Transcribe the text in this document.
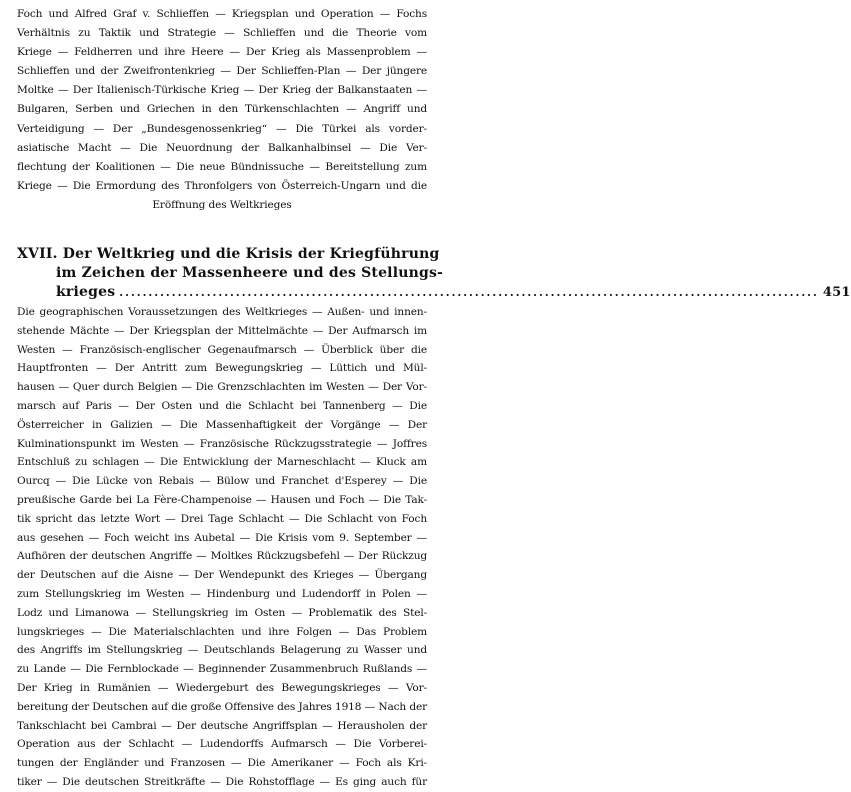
Foch und Alfred Graf v. Schlieffen — Kriegsplan und Operation — Fochs
Verhältnis zu Taktik und Strategie — Schlieffen und die Theorie vom
Kriege — Feldherren und ihre Heere — Der Krieg als Massenproblem —
Schlieffen und der Zweifrontenkrieg — Der Schlieffen-Plan — Der jüngere
Moltke — Der Italienisch-Türkische Krieg — Der Krieg der Balkanstaaten —
Bulgaren, Serben und Griechen in den Türkenschlachten — Angriff und
Verteidigung — Der „Bundesgenossenkrieg“ — Die Türkei als vorder-
asiatische Macht — Die Neuordnung der Balkanhalbinsel — Die Ver-
flechtung der Koalitionen — Die neue Bündnissuche — Bereitstellung zum
Kriege — Die Ermordung des Thronfolgers von Österreich-Ungarn und die
Eröffnung des Weltkrieges
XVII. Der Weltkrieg und die Krisis der Kriegführung
im Zeichen der Massenheere und des Stellungs-
krieges ........................................................................................................................ 451
Die geographischen Voraussetzungen des Weltkrieges — Außen- und innen-
stehende Mächte — Der Kriegsplan der Mittelmächte — Der Aufmarsch im
Westen — Französisch-englischer Gegenaufmarsch — Überblick über die
Hauptfronten — Der Antritt zum Bewegungskrieg — Lüttich und Mül-
hausen — Quer durch Belgien — Die Grenzschlachten im Westen — Der Vor-
marsch auf Paris — Der Osten und die Schlacht bei Tannenberg — Die
Österreicher in Galizien — Die Massenhaftigkeit der Vorgänge — Der
Kulminationspunkt im Westen — Französische Rückzugsstrategie — Joffres
Entschluß zu schlagen — Die Entwicklung der Marneschlacht — Kluck am
Ourcq — Die Lücke von Rebais — Bülow und Franchet d'Esperey — Die
preußische Garde bei La Fère-Champenoise — Hausen und Foch — Die Tak-
tik spricht das letzte Wort — Drei Tage Schlacht — Die Schlacht von Foch
aus gesehen — Foch weicht ins Aubetal — Die Krisis vom 9. September —
Aufhören der deutschen Angriffe — Moltkes Rückzugsbefehl — Der Rückzug
der Deutschen auf die Aisne — Der Wendepunkt des Krieges — Übergang
zum Stellungskrieg im Westen — Hindenburg und Ludendorff in Polen —
Lodz und Limanowa — Stellungskrieg im Osten — Problematik des Stel-
lungskrieges — Die Materialschlachten und ihre Folgen — Das Problem
des Angriffs im Stellungskrieg — Deutschlands Belagerung zu Wasser und
zu Lande — Die Fernblockade — Beginnender Zusammenbruch Rußlands —
Der Krieg in Rumänien — Wiedergeburt des Bewegungskrieges — Vor-
bereitung der Deutschen auf die große Offensive des Jahres 1918 — Nach der
Tankschlacht bei Cambrai — Der deutsche Angriffsplan — Herausholen der
Operation aus der Schlacht — Ludendorffs Aufmarsch — Die Vorberei-
tungen der Engländer und Franzosen — Die Amerikaner — Foch als Kri-
tiker — Die deutschen Streitkräfte — Die Rohstofflage — Es ging auch für
